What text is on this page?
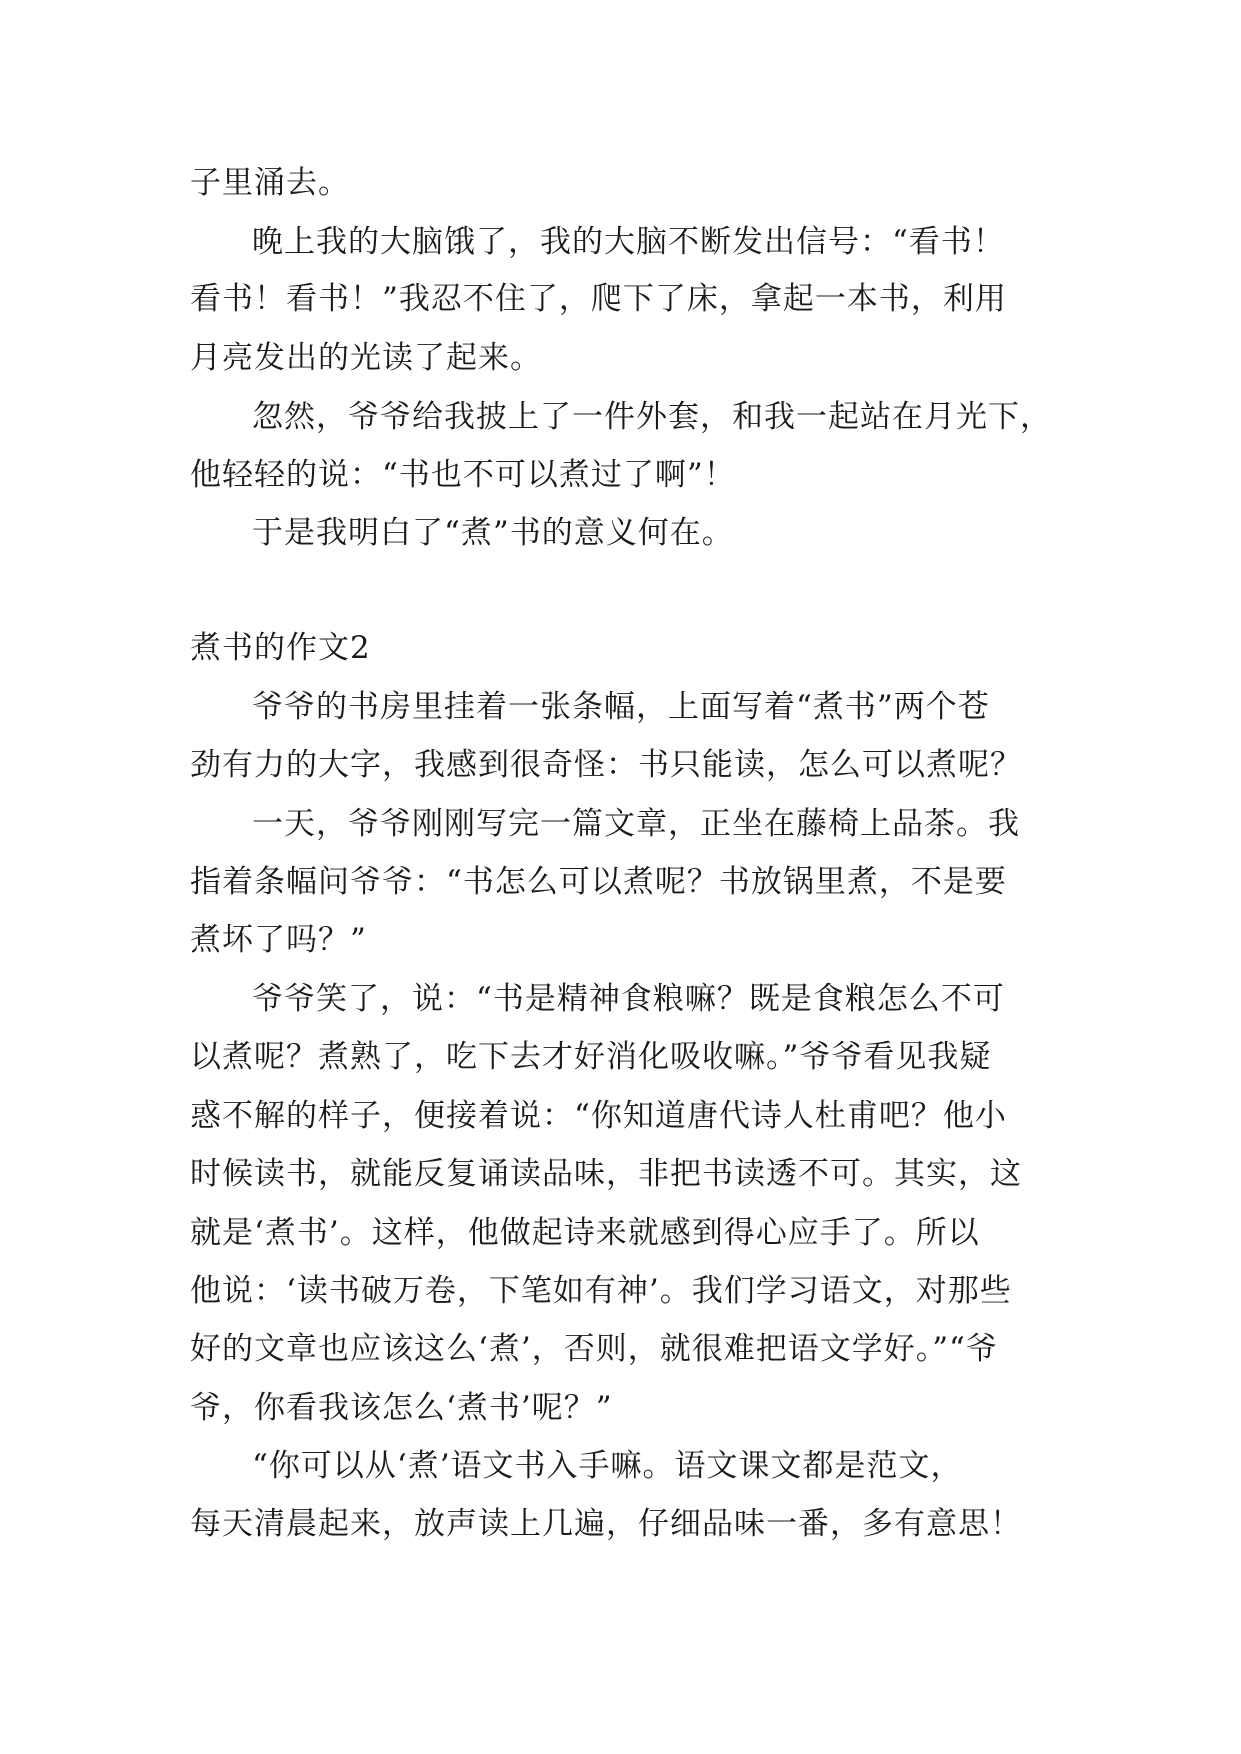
子里涌去。
晚上我的大脑饿了，我的大脑不断发出信号：“看书！
看书！看书！”我忍不住了，爬下了床，拿起一本书，利用
月亮发出的光读了起来。
忽然，爷爷给我披上了一件外套，和我一起站在月光下，
他轻轻的说：“书也不可以煮过了啊”！
于是我明白了“煮”书的意义何在。
煮书的作文2
爷爷的书房里挂着一张条幅，上面写着“煮书”两个苍
劲有力的大字，我感到很奇怪：书只能读，怎么可以煮呢？
一天，爷爷刚刚写完一篇文章，正坐在藤椅上品茶。我
指着条幅问爷爷：“书怎么可以煮呢？书放锅里煮，不是要
煮坏了吗？”
爷爷笑了，说：“书是精神食粮嘛？既是食粮怎么不可
以煮呢？煮熟了，吃下去才好消化吸收嘛。”爷爷看见我疑
惑不解的样子，便接着说：“你知道唐代诗人杜甫吧？他小
时候读书，就能反复诵读品味，非把书读透不可。其实，这
就是‘煮书’。这样，他做起诗来就感到得心应手了。所以
他说：‘读书破万卷，下笔如有神’。我们学习语文，对那些
好的文章也应该这么‘煮’，否则，就很难把语文学好。”“爷
爷，你看我该怎么‘煮书’呢？”
“你可以从‘煮’语文书入手嘛。语文课文都是范文，
每天清晨起来，放声读上几遍，仔细品味一番，多有意思！
